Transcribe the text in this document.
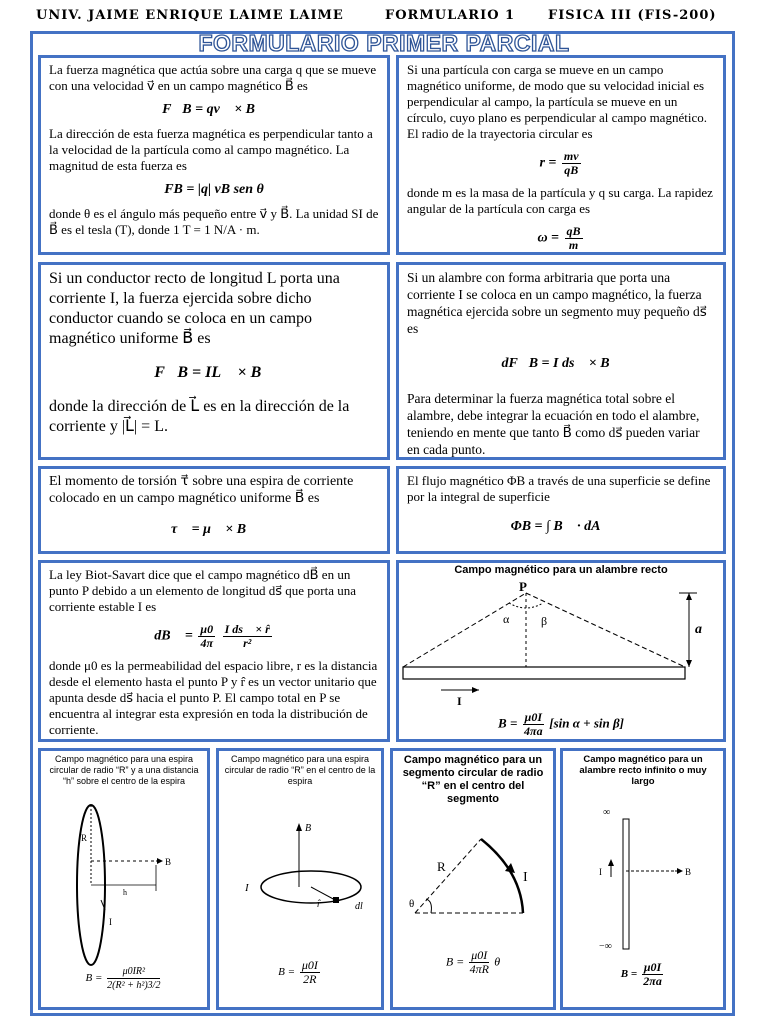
UNIV. JAIME ENRIQUE LAIME LAIME	FORMULARIO 1	FISICA III (FIS-200)
FORMULARIO PRIMER PARCIAL

La fuerza magnética que actúa sobre una carga q que se mueve con una velocidad v⃗ en un campo magnético B⃗ es

F⃗B = qv⃗ × B⃗

La dirección de esta fuerza magnética es perpendicular tanto a la velocidad de la partícula como al campo magnético. La magnitud de esta fuerza es

FB = |q| vB sen θ

donde θ es el ángulo más pequeño entre v⃗ y B⃗. La unidad SI de B⃗ es el tesla (T), donde 1 T = 1 N/A · m.

Si una partícula con carga se mueve en un campo magnético uniforme, de modo que su velocidad inicial es perpendicular al campo, la partícula se mueve en un círculo, cuyo plano es perpendicular al campo magnético. El radio de la trayectoria circular es

$r = \frac{mv}{qB}$

donde m es la masa de la partícula y q su carga. La rapidez angular de la partícula con carga es

$\omega = \frac{qB}{m}$

Si un conductor recto de longitud L porta una corriente I, la fuerza ejercida sobre dicho conductor cuando se coloca en un campo magnético uniforme B⃗ es

F⃗B = IL⃗ × B⃗

donde la dirección de L⃗ es en la dirección de la corriente y |L⃗| = L.

Si un alambre con forma arbitraria que porta una corriente I se coloca en un campo magnético, la fuerza magnética ejercida sobre un segmento muy pequeño ds⃗ es

dF⃗B = I ds⃗ × B⃗

Para determinar la fuerza magnética total sobre el alambre, debe integrar la ecuación en todo el alambre, teniendo en mente que tanto B⃗ como ds⃗ pueden variar en cada punto.

El momento de torsión τ⃗ sobre una espira de corriente colocado en un campo magnético uniforme B⃗ es

τ⃗ = μ⃗ × B⃗

El flujo magnético ΦB a través de una superficie se define por la integral de superficie

ΦB = ∫ B⃗ · dA⃗

La ley Biot-Savart dice que el campo magnético dB⃗ en un punto P debido a un elemento de longitud ds⃗ que porta una corriente estable I es

dB⃗ = $\frac{\mu 0}{4\pi}$
$\frac{\text{I ds⃗ × r̂}}{\text{r²}}$

donde μ0 es la permeabilidad del espacio libre, r es la distancia desde el elemento hasta el punto P y r̂ es un vector unitario que apunta desde ds⃗ hacia el punto P. El campo total en P se encuentra al integrar esta expresión en toda la distribución de corriente.

Campo magnético para un alambre recto
P
α	β
a
I
$B = \frac{\mu 0I}{4\pi a} [\sin$ α + sin β]
Campo magnético para una espira circular de radio “R” y a una distancia “h” sobre el centro de la espira
R
B
h
I
$B = \frac{\text{μ0IR²}}{\text{2(R² + h²)3/2}}$
Campo magnético para una espira circular de radio “R” en el centro de la espira
B⃗
I
r̂	dl⃗
$B = \frac{\mu 0I}{2R}$
Campo magnético para un segmento circular de radio “R” en el centro del segmento
R
I
θ
$B = \frac{\mu 0I}{4\pi R}$ θ
Campo magnético para un alambre recto infinito o muy largo
∞
−∞
I	B
$B = \frac{\mu 0I}{2\pi a}$
